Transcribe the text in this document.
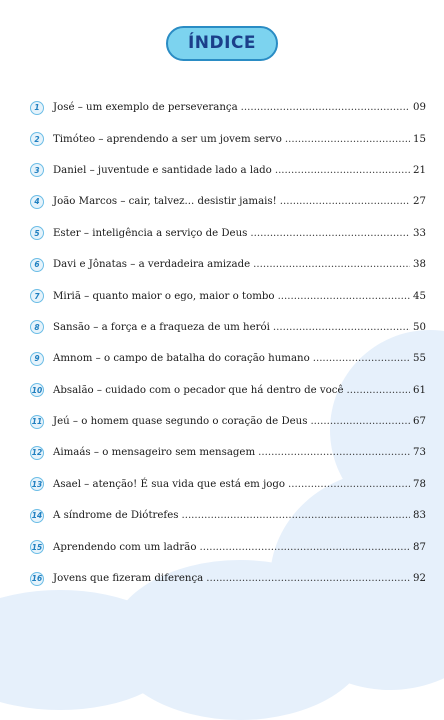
ÍNDICE
1	José – um exemplo de perseverança .....	09
2	Timóteo – aprendendo a ser um jovem servo .....	15
3	Daniel – juventude e santidade lado a lado .....	21
4	João Marcos – cair, talvez... desistir jamais! .....	27
5	Ester – inteligência a serviço de Deus .....	33
6	Davi e Jônatas – a verdadeira amizade .....	38
7	Miriã – quanto maior o ego, maior o tombo .....	45
8	Sansão – a força e a fraqueza de um herói .....	50
9	Amnom – o campo de batalha do coração humano .....	55
10 Absalão – cuidado com o pecador que há dentro de você .....	61
11 Jeú – o homem quase segundo o coração de Deus .....	67
12 Aimaás – o mensageiro sem mensagem .....	73
13 Asael – atenção! É sua vida que está em jogo .....	78
14 A síndrome de Diótrefes .....	83
15 Aprendendo com um ladrão .....	87
16 Jovens que fizeram diferença .....	92
